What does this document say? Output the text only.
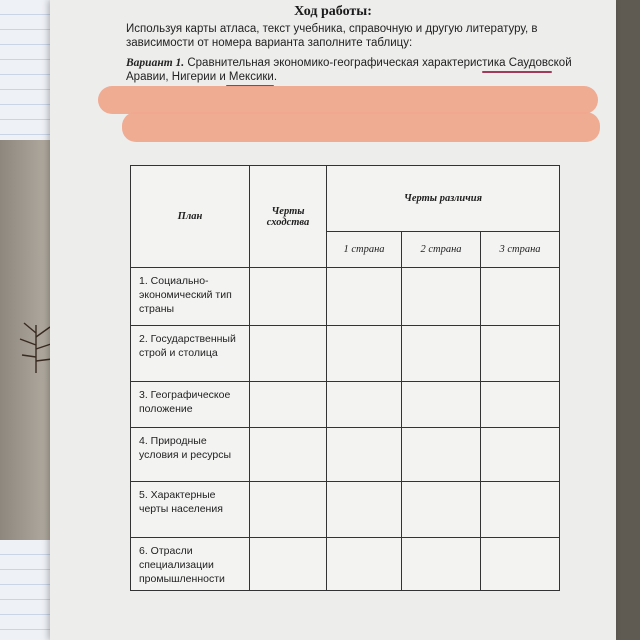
Ход работы:
Используя карты атласа, текст учебника, справочную и другую литературу, в зависимости от номера варианта заполните таблицу:
Вариант 1. Сравнительная экономико-географическая характеристика Саудовской Аравии, Нигерии и Мексики.
План	Черты сходства	Черты различия		
		1 страна	2 страна	3 страна
1. Социально-экономический тип страны				
2. Государственный строй и столица				
3. Географическое положение				
4. Природные условия и ресурсы				
5. Характерные черты населения				
6. Отрасли специализации промышленности				
